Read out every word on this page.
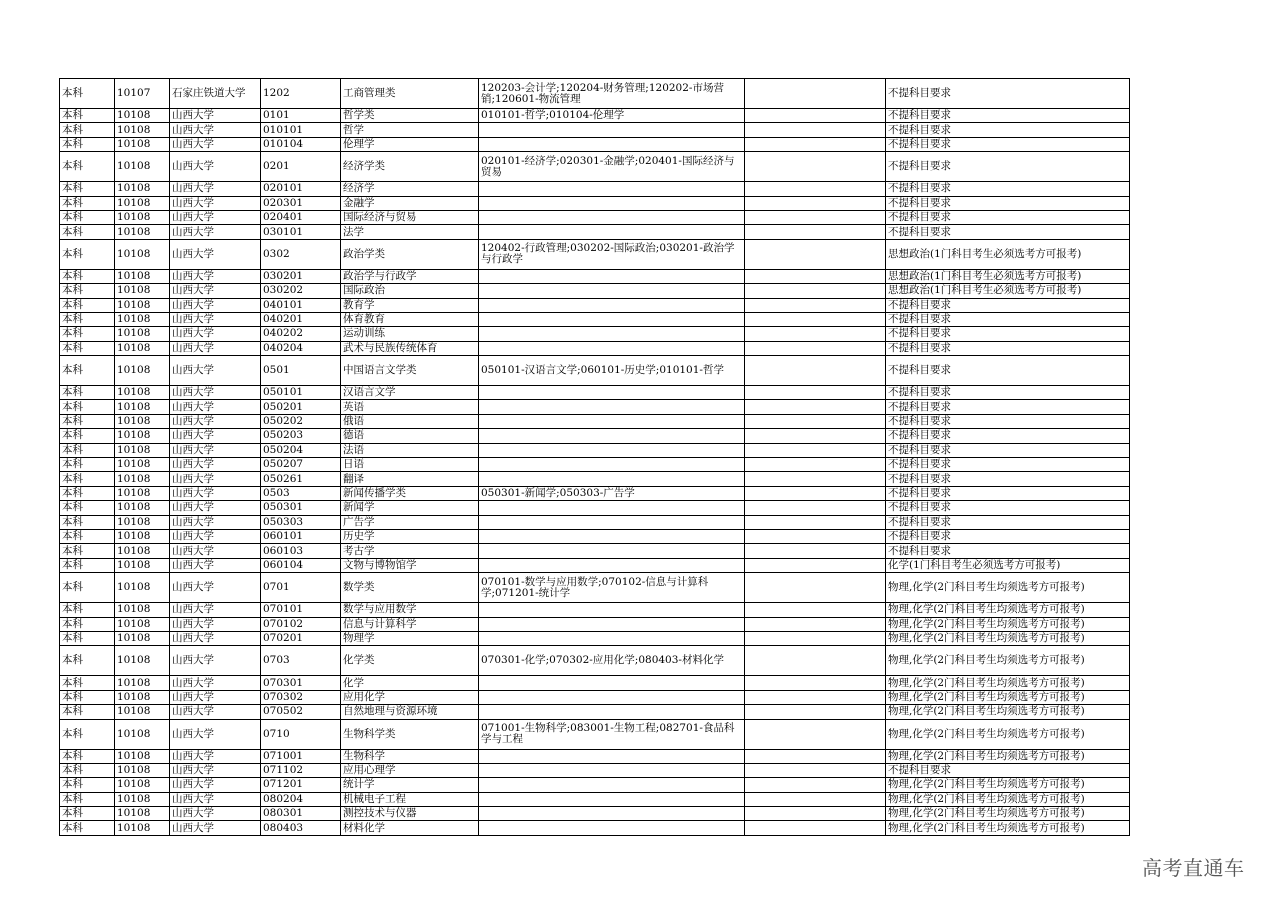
本科	10107	石家庄铁道大学	1202	工商管理类	120203-会计学;120204-财务管理;120202-市场营销;120601-物流管理		不提科目要求
本科	10108	山西大学	0101	哲学类	010101-哲学;010104-伦理学		不提科目要求
本科	10108	山西大学	010101	哲学			不提科目要求
本科	10108	山西大学	010104	伦理学			不提科目要求
本科	10108	山西大学	0201	经济学类	020101-经济学;020301-金融学;020401-国际经济与贸易		不提科目要求
本科	10108	山西大学	020101	经济学			不提科目要求
本科	10108	山西大学	020301	金融学			不提科目要求
本科	10108	山西大学	020401	国际经济与贸易			不提科目要求
本科	10108	山西大学	030101	法学			不提科目要求
本科	10108	山西大学	0302	政治学类	120402-行政管理;030202-国际政治;030201-政治学与行政学		思想政治(1门科目考生必须选考方可报考)
本科	10108	山西大学	030201	政治学与行政学			思想政治(1门科目考生必须选考方可报考)
本科	10108	山西大学	030202	国际政治			思想政治(1门科目考生必须选考方可报考)
本科	10108	山西大学	040101	教育学			不提科目要求
本科	10108	山西大学	040201	体育教育			不提科目要求
本科	10108	山西大学	040202	运动训练			不提科目要求
本科	10108	山西大学	040204	武术与民族传统体育			不提科目要求
本科	10108	山西大学	0501	中国语言文学类	050101-汉语言文学;060101-历史学;010101-哲学		不提科目要求
本科	10108	山西大学	050101	汉语言文学			不提科目要求
本科	10108	山西大学	050201	英语			不提科目要求
本科	10108	山西大学	050202	俄语			不提科目要求
本科	10108	山西大学	050203	德语			不提科目要求
本科	10108	山西大学	050204	法语			不提科目要求
本科	10108	山西大学	050207	日语			不提科目要求
本科	10108	山西大学	050261	翻译			不提科目要求
本科	10108	山西大学	0503	新闻传播学类	050301-新闻学;050303-广告学		不提科目要求
本科	10108	山西大学	050301	新闻学			不提科目要求
本科	10108	山西大学	050303	广告学			不提科目要求
本科	10108	山西大学	060101	历史学			不提科目要求
本科	10108	山西大学	060103	考古学			不提科目要求
本科	10108	山西大学	060104	文物与博物馆学			化学(1门科目考生必须选考方可报考)
本科	10108	山西大学	0701	数学类	070101-数学与应用数学;070102-信息与计算科学;071201-统计学		物理,化学(2门科目考生均须选考方可报考)
本科	10108	山西大学	070101	数学与应用数学			物理,化学(2门科目考生均须选考方可报考)
本科	10108	山西大学	070102	信息与计算科学			物理,化学(2门科目考生均须选考方可报考)
本科	10108	山西大学	070201	物理学			物理,化学(2门科目考生均须选考方可报考)
本科	10108	山西大学	0703	化学类	070301-化学;070302-应用化学;080403-材料化学		物理,化学(2门科目考生均须选考方可报考)
本科	10108	山西大学	070301	化学			物理,化学(2门科目考生均须选考方可报考)
本科	10108	山西大学	070302	应用化学			物理,化学(2门科目考生均须选考方可报考)
本科	10108	山西大学	070502	自然地理与资源环境			物理,化学(2门科目考生均须选考方可报考)
本科	10108	山西大学	0710	生物科学类	071001-生物科学;083001-生物工程;082701-食品科学与工程		物理,化学(2门科目考生均须选考方可报考)
本科	10108	山西大学	071001	生物科学			物理,化学(2门科目考生均须选考方可报考)
本科	10108	山西大学	071102	应用心理学			不提科目要求
本科	10108	山西大学	071201	统计学			物理,化学(2门科目考生均须选考方可报考)
本科	10108	山西大学	080204	机械电子工程			物理,化学(2门科目考生均须选考方可报考)
本科	10108	山西大学	080301	测控技术与仪器			物理,化学(2门科目考生均须选考方可报考)
本科	10108	山西大学	080403	材料化学			物理,化学(2门科目考生均须选考方可报考)
高考直通车
